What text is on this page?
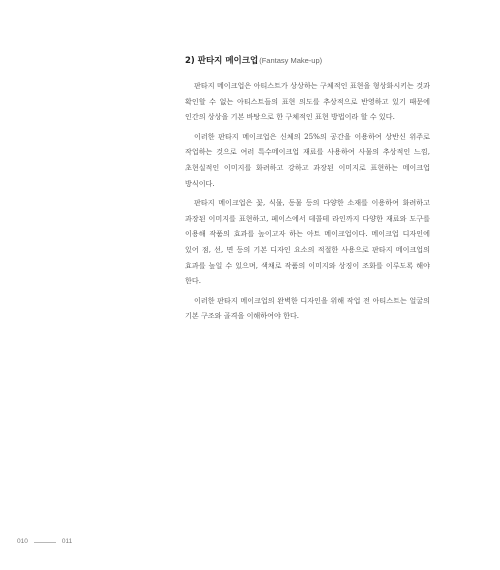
2) 판타지 메이크업(Fantasy Make-up)

판타지 메이크업은 아티스트가 상상하는 구체적인 표현을 형상화시키는 것과 확인할 수 없는 아티스트들의 표현 의도를 추상적으로 반영하고 있기 때문에 인간의 상상을 기본 바탕으로 한 구체적인 표현 방법이라 할 수 있다.

이러한 판타지 메이크업은 신체의 25%의 공간을 이용하여 상반신 위주로 작업하는 것으로 여러 특수메이크업 재료를 사용하여 사물의 추상적인 느낌, 초현실적인 이미지를 화려하고 강하고 과장된 이미지로 표현하는 메이크업 방식이다.

판타지 메이크업은 꽃, 식물, 동물 등의 다양한 소재를 이용하여 화려하고 과장된 이미지를 표현하고, 페이스에서 데콜테 라인까지 다양한 재료와 도구를 이용해 작품의 효과를 높이고자 하는 아트 메이크업이다. 메이크업 디자인에 있어 점, 선, 면 등의 기본 디자인 요소의 적절한 사용으로 판타지 메이크업의 효과를 높일 수 있으며, 색채로 작품의 이미지와 상징이 조화를 이루도록 해야 한다.

이러한 판타지 메이크업의 완벽한 디자인을 위해 작업 전 아티스트는 얼굴의 기본 구조와 골격을 이해하여야 한다.

010	011
